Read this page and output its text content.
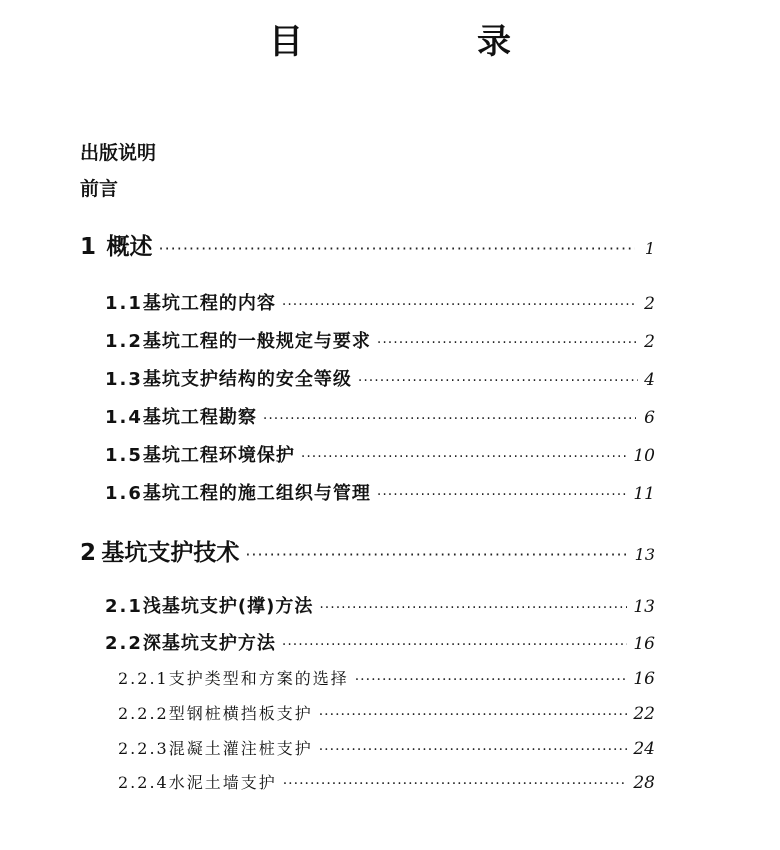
目　录
出版说明
前言
1 概述 ·····	1
1.1 基坑工程的内容 ·····	2
1.2 基坑工程的一般规定与要求 ·····	2
1.3 基坑支护结构的安全等级 ·····	4
1.4 基坑工程勘察 ·····	6
1.5 基坑工程环境保护 ·····	10
1.6 基坑工程的施工组织与管理 ·····	11
2 基坑支护技术 ·····	13
2.1 浅基坑支护(撑)方法 ·····	13
2.2 深基坑支护方法 ·····	16
2.2.1 支护类型和方案的选择 ·····	16
2.2.2 型钢桩横挡板支护 ·····	22
2.2.3 混凝土灌注桩支护 ·····	24
2.2.4 水泥土墙支护 ·····	28
